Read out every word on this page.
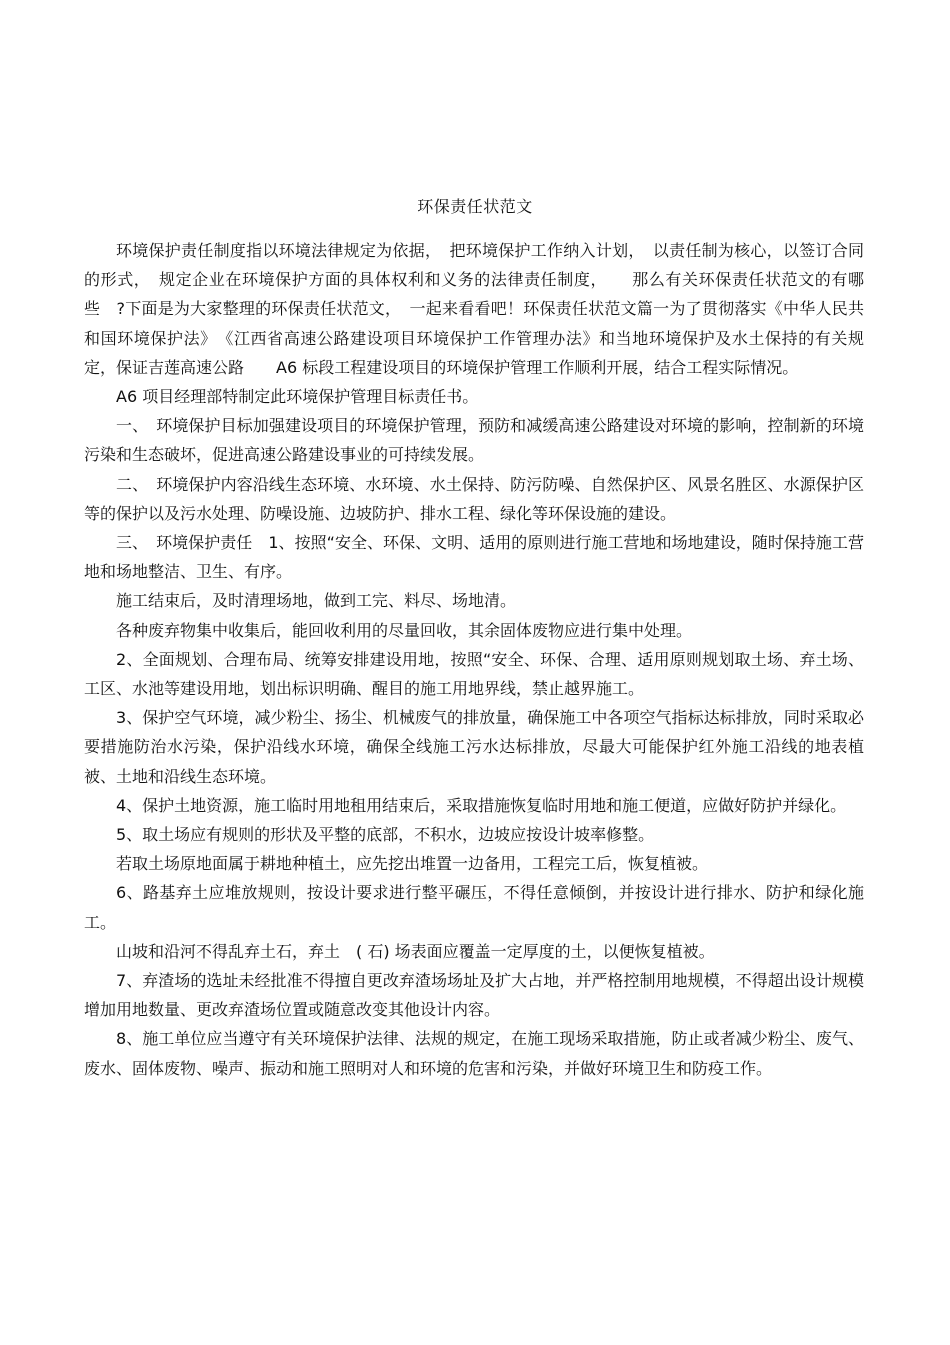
环保责任状范文

环境保护责任制度指以环境法律规定为依据，　把环境保护工作纳入计划，　以责任制为核心，以签订合同的形式，　规定企业在环境保护方面的具体权利和义务的法律责任制度，　　那么有关环保责任状范文的有哪些　?下面是为大家整理的环保责任状范文，　一起来看看吧！环保责任状范文篇一为了贯彻落实《中华人民共和国环境保护法》　《江西省高速公路建设项目环境保护工作管理办法》和当地环境保护及水土保持的有关规定，保证吉莲高速公路　　A6 标段工程建设项目的环境保护管理工作顺利开展，结合工程实际情况。

A6 项目经理部特制定此环境保护管理目标责任书。

一、　环境保护目标加强建设项目的环境保护管理，预防和减缓高速公路建设对环境的影响，控制新的环境污染和生态破坏，促进高速公路建设事业的可持续发展。

二、　环境保护内容沿线生态环境、水环境、水土保持、防污防噪、自然保护区、风景名胜区、水源保护区等的保护以及污水处理、防噪设施、边坡防护、排水工程、绿化等环保设施的建设。

三、　环境保护责任　1、按照“安全、环保、文明、适用的原则进行施工营地和场地建设，随时保持施工营地和场地整洁、卫生、有序。

施工结束后，及时清理场地，做到工完、料尽、场地清。

各种废弃物集中收集后，能回收利用的尽量回收，其余固体废物应进行集中处理。

2、全面规划、合理布局、统筹安排建设用地，按照“安全、环保、合理、适用原则规划取土场、弃土场、工区、水池等建设用地，划出标识明确、醒目的施工用地界线，禁止越界施工。

3、保护空气环境，减少粉尘、扬尘、机械废气的排放量，确保施工中各项空气指标达标排放，同时采取必要措施防治水污染，保护沿线水环境，确保全线施工污水达标排放，尽最大可能保护红外施工沿线的地表植被、土地和沿线生态环境。

4、保护土地资源，施工临时用地租用结束后，采取措施恢复临时用地和施工便道，应做好防护并绿化。

5、取土场应有规则的形状及平整的底部，不积水，边坡应按设计坡率修整。

若取土场原地面属于耕地种植土，应先挖出堆置一边备用，工程完工后，恢复植被。

6、路基弃土应堆放规则，按设计要求进行整平碾压，不得任意倾倒，并按设计进行排水、防护和绿化施工。

山坡和沿河不得乱弃土石，弃土　( 石) 场表面应覆盖一定厚度的土，以便恢复植被。

7、弃渣场的选址未经批准不得擅自更改弃渣场场址及扩大占地，并严格控制用地规模，不得超出设计规模增加用地数量、更改弃渣场位置或随意改变其他设计内容。

8、施工单位应当遵守有关环境保护法律、法规的规定，在施工现场采取措施，防止或者减少粉尘、废气、废水、固体废物、噪声、振动和施工照明对人和环境的危害和污染，并做好环境卫生和防疫工作。
